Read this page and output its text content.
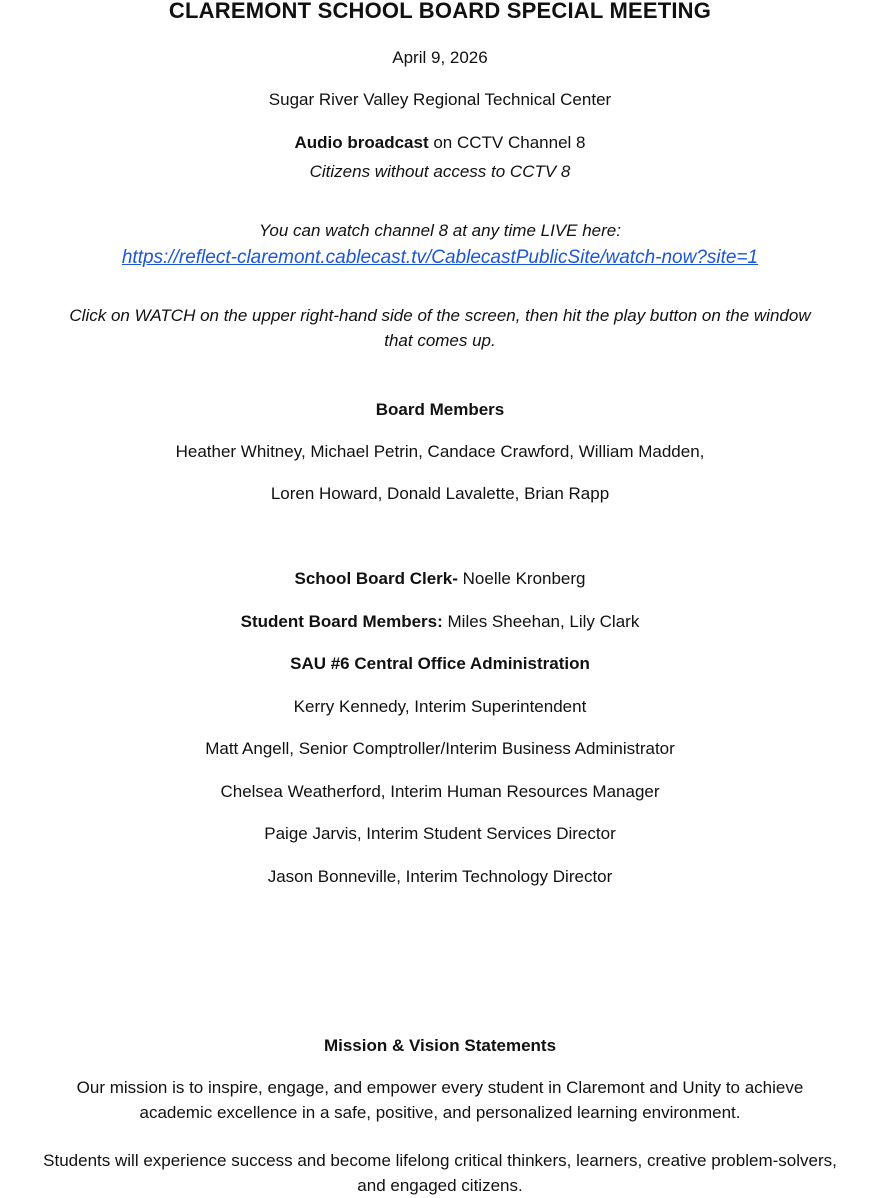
CLAREMONT SCHOOL BOARD SPECIAL MEETING
April 9, 2026
Sugar River Valley Regional Technical Center
Audio broadcast on CCTV Channel 8
Citizens without access to CCTV 8
You can watch channel 8 at any time LIVE here:
https://reflect-claremont.cablecast.tv/CablecastPublicSite/watch-now?site=1
Click on WATCH on the upper right-hand side of the screen, then hit the play button on the window
that comes up.
Board Members
Heather Whitney, Michael Petrin, Candace Crawford, William Madden,
Loren Howard, Donald Lavalette, Brian Rapp
School Board Clerk- Noelle Kronberg
Student Board Members: Miles Sheehan, Lily Clark
SAU #6 Central Office Administration
Kerry Kennedy, Interim Superintendent
Matt Angell, Senior Comptroller/Interim Business Administrator
Chelsea Weatherford, Interim Human Resources Manager
Paige Jarvis, Interim Student Services Director
Jason Bonneville, Interim Technology Director
Mission & Vision Statements
Our mission is to inspire, engage, and empower every student in Claremont and Unity to achieve
academic excellence in a safe, positive, and personalized learning environment.
Students will experience success and become lifelong critical thinkers, learners, creative problem-solvers,
and engaged citizens.
